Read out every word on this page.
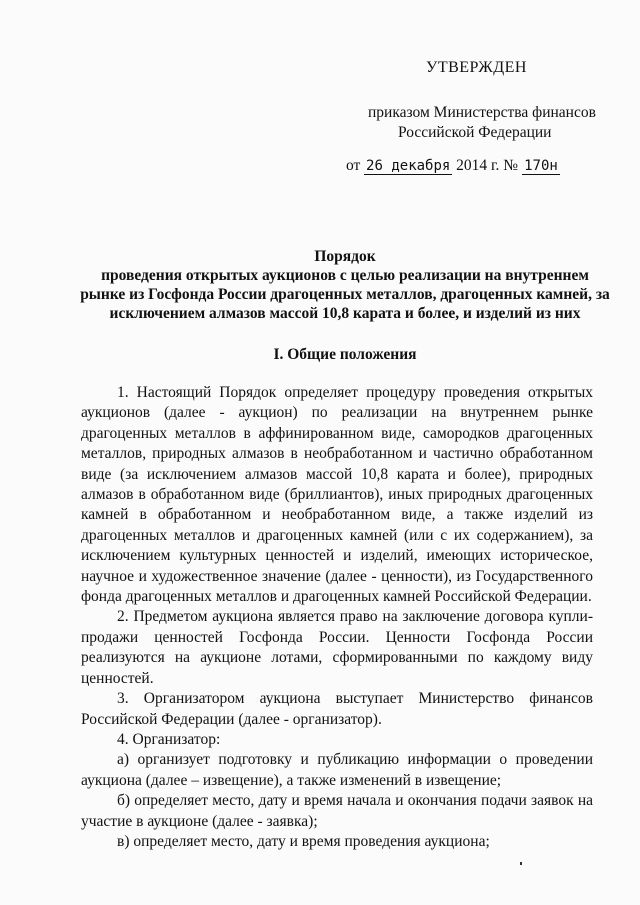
УТВЕРЖДЕН
приказом Министерства финансов
Российской Федерации
от 26 декабря 2014 г. № 170н
Порядок
проведения открытых аукционов с целью реализации на внутреннем рынке из Госфонда России драгоценных металлов, драгоценных камней, за исключением алмазов массой 10,8 карата и более, и изделий из них
I. Общие положения

1. Настоящий Порядок определяет процедуру проведения открытых аукционов (далее - аукцион) по реализации на внутреннем рынке драгоценных металлов в аффинированном виде, самородков драгоценных металлов, природных алмазов в необработанном и частично обработанном виде (за исключением алмазов массой 10,8 карата и более), природных алмазов в обработанном виде (бриллиантов), иных природных драгоценных камней в обработанном и необработанном виде, а также изделий из драгоценных металлов и драгоценных камней (или с их содержанием), за исключением культурных ценностей и изделий, имеющих историческое, научное и художественное значение (далее - ценности), из Государственного фонда драгоценных металлов и драгоценных камней Российской Федерации.

2. Предметом аукциона является право на заключение договора купли-продажи ценностей Госфонда России. Ценности Госфонда России реализуются на аукционе лотами, сформированными по каждому виду ценностей.

3. Организатором аукциона выступает Министерство финансов Российской Федерации (далее - организатор).

4. Организатор:

а) организует подготовку и публикацию информации о проведении аукциона (далее – извещение), а также изменений в извещение;

б) определяет место, дату и время начала и окончания подачи заявок на участие в аукционе (далее - заявка);

в) определяет место, дату и время проведения аукциона;
